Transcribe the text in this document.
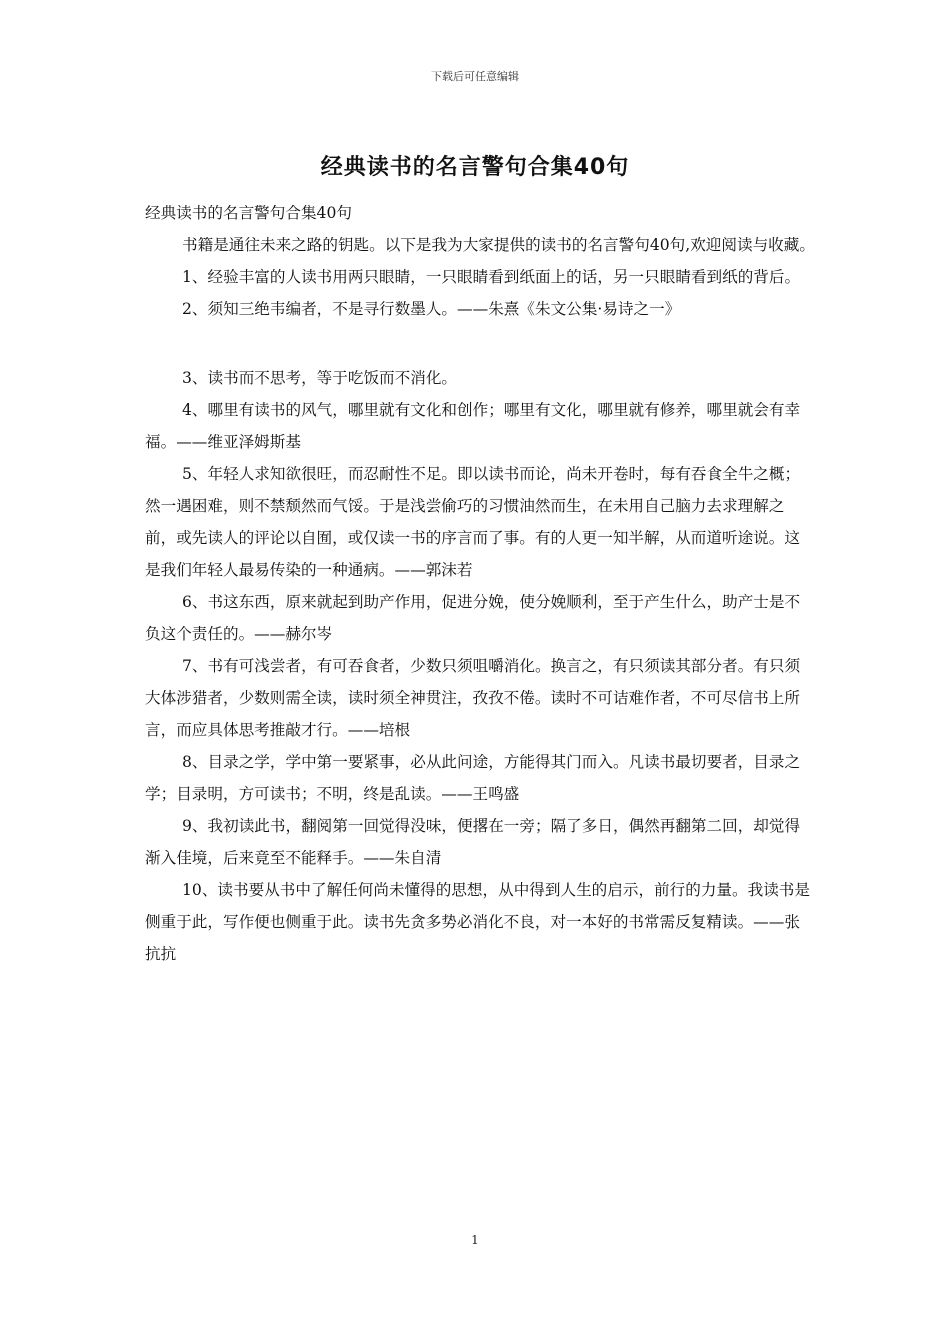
下载后可任意编辑
经典读书的名言警句合集40句

经典读书的名言警句合集40句

书籍是通往未来之路的钥匙。以下是我为大家提供的读书的名言警句40句,欢迎阅读与收藏。

1、经验丰富的人读书用两只眼睛，一只眼睛看到纸面上的话，另一只眼睛看到纸的背后。

2、须知三绝韦编者，不是寻行数墨人。——朱熹《朱文公集·易诗之一》

3、读书而不思考，等于吃饭而不消化。

4、哪里有读书的风气，哪里就有文化和创作；哪里有文化，哪里就有修养，哪里就会有幸福。——维亚泽姆斯基

5、年轻人求知欲很旺，而忍耐性不足。即以读书而论，尚未开卷时，每有吞食全牛之概；然一遇困难，则不禁颓然而气馁。于是浅尝偷巧的习惯油然而生，在未用自己脑力去求理解之前，或先读人的评论以自囿，或仅读一书的序言而了事。有的人更一知半解，从而道听途说。这是我们年轻人最易传染的一种通病。——郭沫若

6、书这东西，原来就起到助产作用，促进分娩，使分娩顺利，至于产生什么，助产士是不负这个责任的。——赫尔岑

7、书有可浅尝者，有可吞食者，少数只须咀嚼消化。换言之，有只须读其部分者。有只须大体涉猎者，少数则需全读，读时须全神贯注，孜孜不倦。读时不可诘难作者，不可尽信书上所言，而应具体思考推敲才行。——培根

8、目录之学，学中第一要紧事，必从此问途，方能得其门而入。凡读书最切要者，目录之学；目录明，方可读书；不明，终是乱读。——王鸣盛

9、我初读此书，翻阅第一回觉得没味，便撂在一旁；隔了多日，偶然再翻第二回，却觉得渐入佳境，后来竟至不能释手。——朱自清

10、读书要从书中了解任何尚未懂得的思想，从中得到人生的启示，前行的力量。我读书是侧重于此，写作便也侧重于此。读书先贪多势必消化不良，对一本好的书常需反复精读。——张抗抗

1
